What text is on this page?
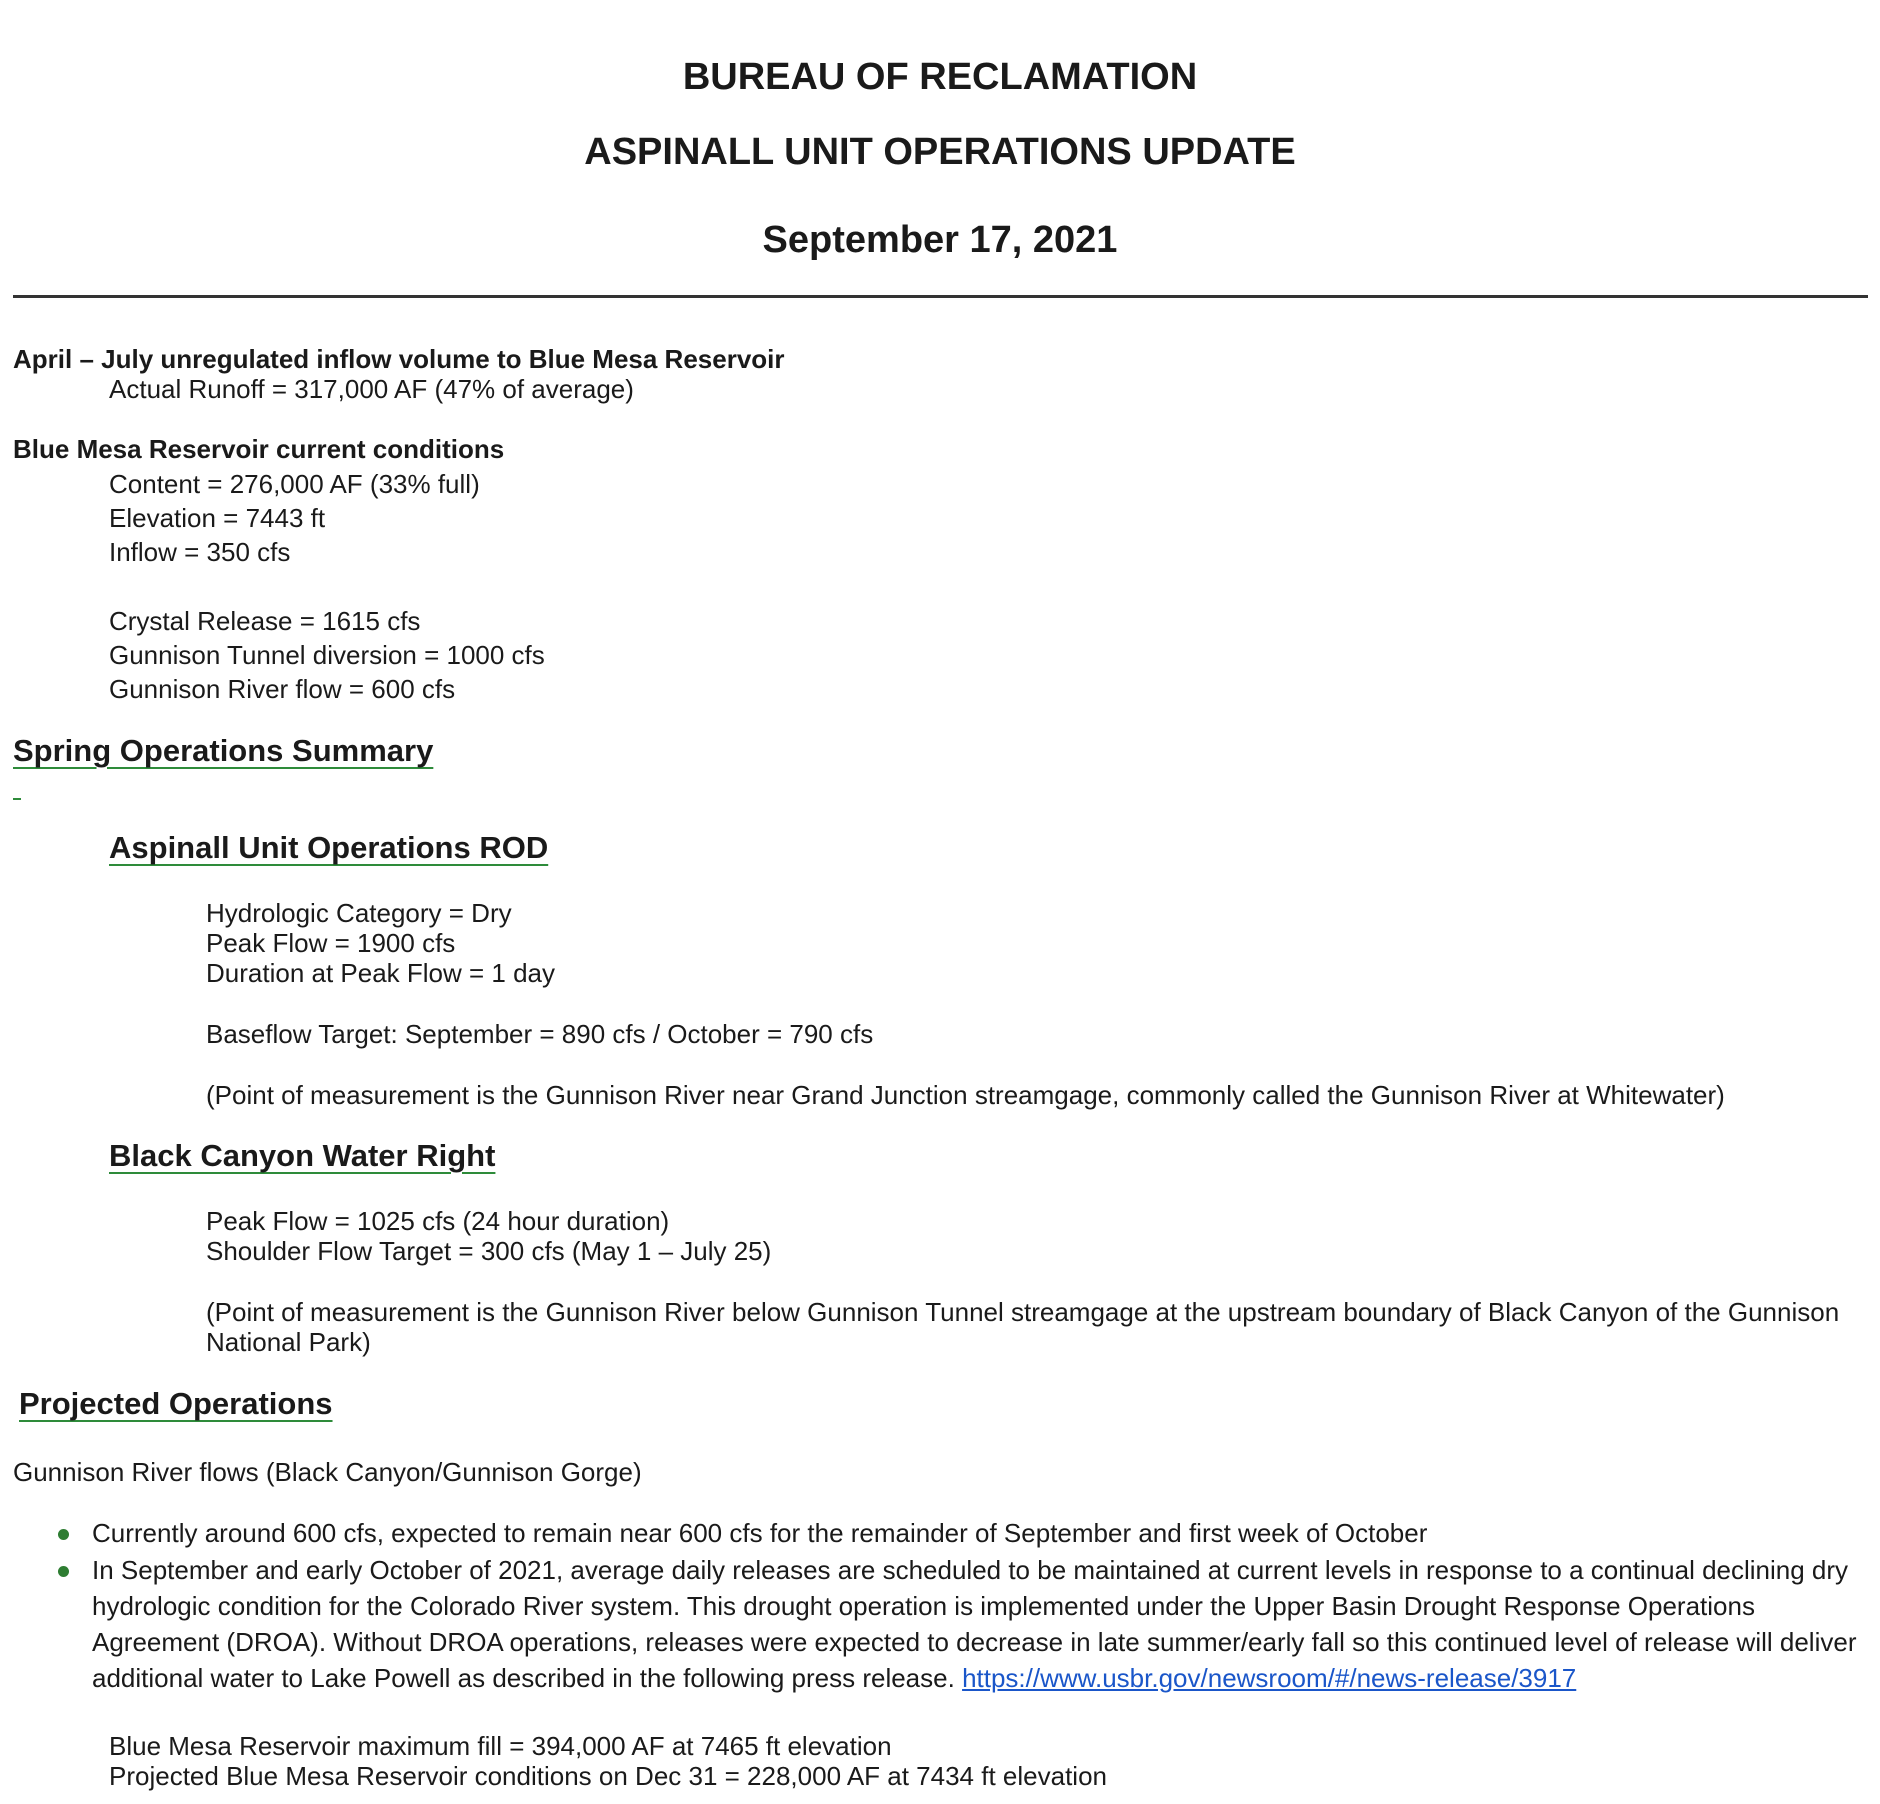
BUREAU OF RECLAMATION
ASPINALL UNIT OPERATIONS UPDATE
September 17, 2021
April – July unregulated inflow volume to Blue Mesa Reservoir
Actual Runoff = 317,000 AF (47% of average)
Blue Mesa Reservoir current conditions
Content = 276,000 AF (33% full)
Elevation = 7443 ft
Inflow = 350 cfs
Crystal Release = 1615 cfs
Gunnison Tunnel diversion = 1000 cfs
Gunnison River flow = 600 cfs
Spring Operations Summary
Aspinall Unit Operations ROD
Hydrologic Category = Dry
Peak Flow = 1900 cfs
Duration at Peak Flow = 1 day
Baseflow Target: September = 890 cfs / October = 790 cfs
(Point of measurement is the Gunnison River near Grand Junction streamgage, commonly called the Gunnison River at Whitewater)
Black Canyon Water Right
Peak Flow = 1025 cfs (24 hour duration)
Shoulder Flow Target = 300 cfs (May 1 – July 25)
(Point of measurement is the Gunnison River below Gunnison Tunnel streamgage at the upstream boundary of Black Canyon of the Gunnison
National Park)
Projected Operations
Gunnison River flows (Black Canyon/Gunnison Gorge)
Currently around 600 cfs, expected to remain near 600 cfs for the remainder of September and first week of October
In September and early October of 2021, average daily releases are scheduled to be maintained at current levels in response to a continual declining dry hydrologic condition for the Colorado River system. This drought operation is implemented under the Upper Basin Drought Response Operations Agreement (DROA). Without DROA operations, releases were expected to decrease in late summer/early fall so this continued level of release will deliver additional water to Lake Powell as described in the following press release. https://www.usbr.gov/newsroom/#/news-release/3917
Blue Mesa Reservoir maximum fill = 394,000 AF at 7465 ft elevation
Projected Blue Mesa Reservoir conditions on Dec 31 = 228,000 AF at 7434 ft elevation
